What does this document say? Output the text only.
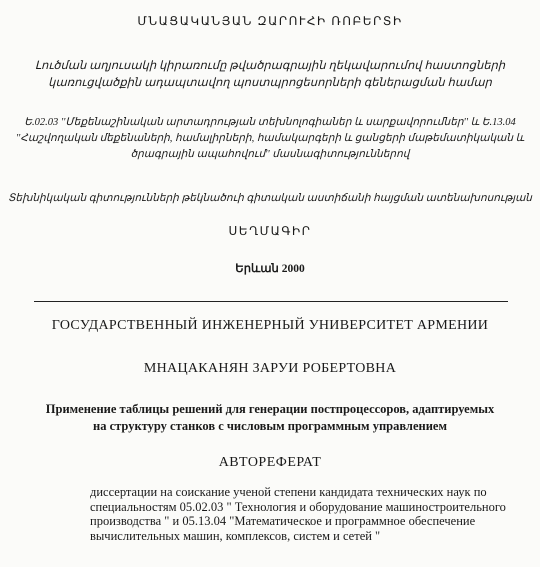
ՄՆԱՑԱԿԱՆՅԱՆ ԶԱՐՈՒՀԻ ՌՈԲԵՐՏԻ
Լուծման աղյուսակի կիրառումը թվածրագրային ղեկավարումով հաստոցների
կառուցվածքին ադապտավող պոստպրոցեսորների գեներացման համար
Ե.02.03 ''Մեքենաշինական արտադրության տեխնոլոգիաներ և սարքավորումներ'' և Ե.13.04
''Հաշվողական մեքենաների, համալիրների, համակարգերի և ցանցերի մաթեմատիկական և
ծրագրային ապահովում'' մասնագիտություններով
Տեխնիկական գիտությունների թեկնածուի գիտական աստիճանի հայցման ատենախոսության
ՍԵՂՄԱԳԻՐ
Երևան 2000
ГОСУДАРСТВЕННЫЙ ИНЖЕНЕРНЫЙ УНИВЕРСИТЕТ АРМЕНИИ
МНАЦАКАНЯН ЗАРУИ РОБЕРТОВНА
Применение таблицы решений для генерации постпроцессоров, адаптируемых
на структуру станков с числовым программным управлением
АВТОРЕФЕРАТ
диссертации на соискание ученой степени кандидата технических наук по
специальностям 05.02.03 " Технология и оборудование машиностроительного
производства " и 05.13.04 "Математическое и программное обеспечение
вычислительных машин, комплексов, систем и сетей "
